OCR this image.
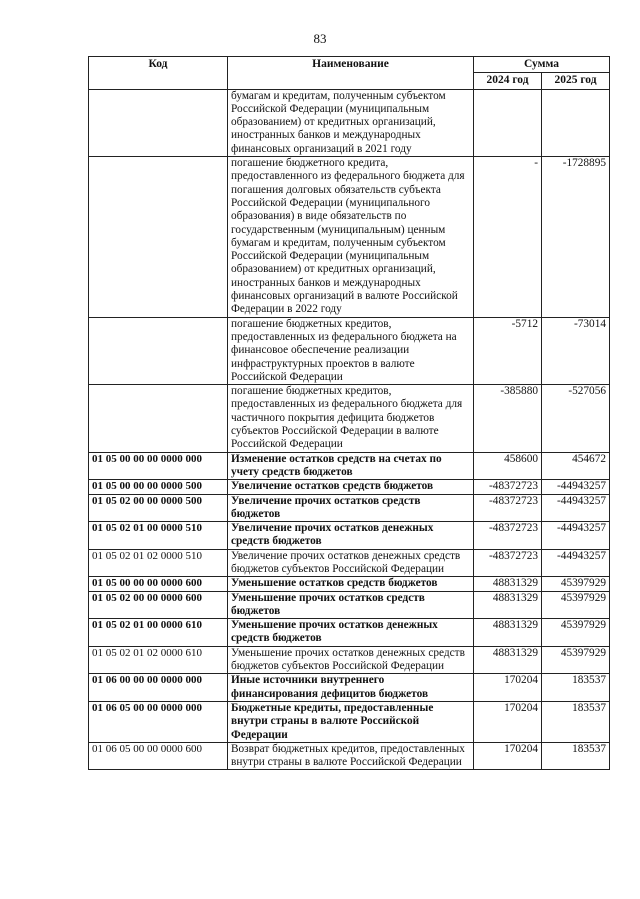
83
Код	Наименование	Сумма	
		2024 год	2025 год
	бумагам и кредитам, полученным субъектом Российской Федерации (муниципальным образованием) от кредитных организаций, иностранных банков и международных финансовых организаций в 2021 году		
	погашение бюджетного кредита, предоставленного из федерального бюджета для погашения долговых обязательств субъекта Российской Федерации (муниципального образования) в виде обязательств по государственным (муниципальным) ценным бумагам и кредитам, полученным субъектом Российской Федерации (муниципальным образованием) от кредитных организаций, иностранных банков и международных финансовых организаций в валюте Российской Федерации в 2022 году	-	-1728895
	погашение бюджетных кредитов, предоставленных из федерального бюджета на финансовое обеспечение реализации инфраструктурных проектов в валюте Российской Федерации	-5712	-73014
	погашение бюджетных кредитов, предоставленных из федерального бюджета для частичного покрытия дефицита бюджетов субъектов Российской Федерации в валюте Российской Федерации	-385880	-527056
01 05 00 00 00 0000 000	Изменение остатков средств на счетах по учету средств бюджетов	458600	454672
01 05 00 00 00 0000 500	Увеличение остатков средств бюджетов	-48372723	-44943257
01 05 02 00 00 0000 500	Увеличение прочих остатков средств бюджетов	-48372723	-44943257
01 05 02 01 00 0000 510	Увеличение прочих остатков денежных средств бюджетов	-48372723	-44943257
01 05 02 01 02 0000 510	Увеличение прочих остатков денежных средств бюджетов субъектов Российской Федерации	-48372723	-44943257
01 05 00 00 00 0000 600	Уменьшение остатков средств бюджетов	48831329	45397929
01 05 02 00 00 0000 600	Уменьшение прочих остатков средств бюджетов	48831329	45397929
01 05 02 01 00 0000 610	Уменьшение прочих остатков денежных средств бюджетов	48831329	45397929
01 05 02 01 02 0000 610	Уменьшение прочих остатков денежных средств бюджетов субъектов Российской Федерации	48831329	45397929
01 06 00 00 00 0000 000	Иные источники внутреннего финансирования дефицитов бюджетов	170204	183537
01 06 05 00 00 0000 000	Бюджетные кредиты, предоставленные внутри страны в валюте Российской Федерации	170204	183537
01 06 05 00 00 0000 600	Возврат бюджетных кредитов, предоставленных внутри страны в валюте Российской Федерации	170204	183537
